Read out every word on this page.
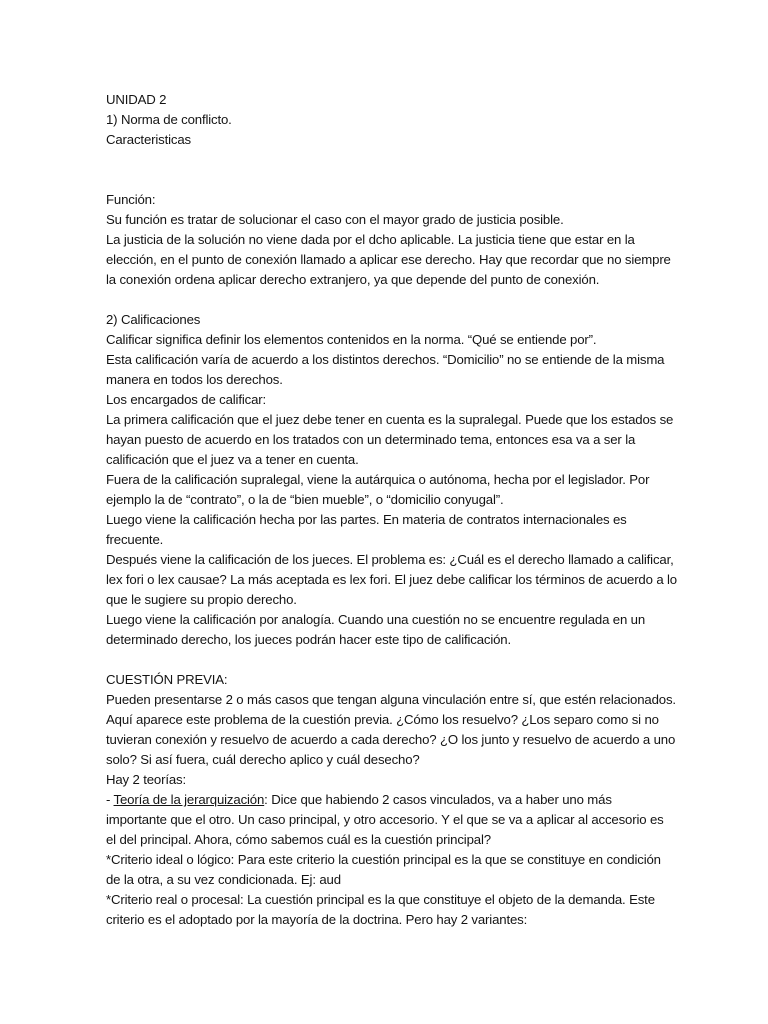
UNIDAD 2
1) Norma de conflicto.
Caracteristicas
Función:
Su función es tratar de solucionar el caso con el mayor grado de justicia posible.
La justicia de la solución no viene dada por el dcho aplicable. La justicia tiene que estar en la
elección, en el punto de conexión llamado a aplicar ese derecho. Hay que recordar que no siempre
la conexión ordena aplicar derecho extranjero, ya que depende del punto de conexión.
2) Calificaciones
Calificar significa definir los elementos contenidos en la norma. “Qué se entiende por”.
Esta calificación varía de acuerdo a los distintos derechos. “Domicilio” no se entiende de la misma
manera en todos los derechos.
Los encargados de calificar:
La primera calificación que el juez debe tener en cuenta es la supralegal. Puede que los estados se
hayan puesto de acuerdo en los tratados con un determinado tema, entonces esa va a ser la
calificación que el juez va a tener en cuenta.
Fuera de la calificación supralegal, viene la autárquica o autónoma, hecha por el legislador. Por
ejemplo la de “contrato”, o la de “bien mueble”, o “domicilio conyugal”.
Luego viene la calificación hecha por las partes. En materia de contratos internacionales es
frecuente.
Después viene la calificación de los jueces. El problema es: ¿Cuál es el derecho llamado a calificar,
lex fori o lex causae? La más aceptada es lex fori. El juez debe calificar los términos de acuerdo a lo
que le sugiere su propio derecho.
Luego viene la calificación por analogía. Cuando una cuestión no se encuentre regulada en un
determinado derecho, los jueces podrán hacer este tipo de calificación.
CUESTIÓN PREVIA:
Pueden presentarse 2 o más casos que tengan alguna vinculación entre sí, que estén relacionados.
Aquí aparece este problema de la cuestión previa. ¿Cómo los resuelvo? ¿Los separo como si no
tuvieran conexión y resuelvo de acuerdo a cada derecho? ¿O los junto y resuelvo de acuerdo a uno
solo? Si así fuera, cuál derecho aplico y cuál desecho?
Hay 2 teorías:
- Teoría de la jerarquización: Dice que habiendo 2 casos vinculados, va a haber uno más
importante que el otro. Un caso principal, y otro accesorio. Y el que se va a aplicar al accesorio es
el del principal. Ahora, cómo sabemos cuál es la cuestión principal?
*Criterio ideal o lógico: Para este criterio la cuestión principal es la que se constituye en condición
de la otra, a su vez condicionada. Ej: aud
*Criterio real o procesal: La cuestión principal es la que constituye el objeto de la demanda. Este
criterio es el adoptado por la mayoría de la doctrina. Pero hay 2 variantes:
